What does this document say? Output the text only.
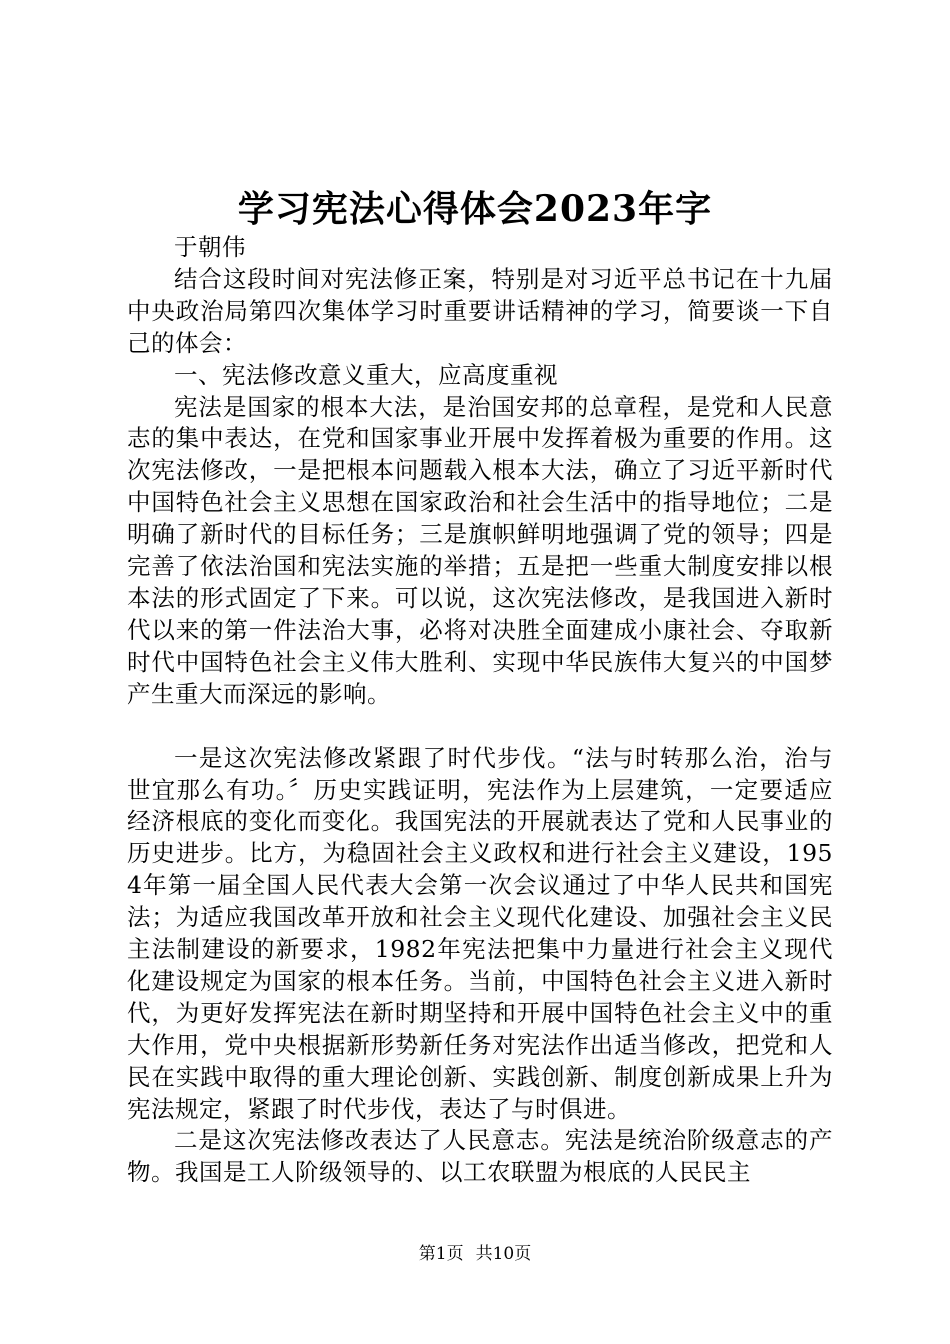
学习宪法心得体会2023年字

于朝伟

结合这段时间对宪法修正案，特别是对习近平总书记在十九届中央政治局第四次集体学习时重要讲话精神的学习，简要谈一下自己的体会：

一、宪法修改意义重大，应高度重视

宪法是国家的根本大法，是治国安邦的总章程，是党和人民意志的集中表达，在党和国家事业开展中发挥着极为重要的作用。这次宪法修改，一是把根本问题载入根本大法，确立了习近平新时代中国特色社会主义思想在国家政治和社会生活中的指导地位；二是明确了新时代的目标任务；三是旗帜鲜明地强调了党的领导；四是完善了依法治国和宪法实施的举措；五是把一些重大制度安排以根本法的形式固定了下来。可以说，这次宪法修改，是我国进入新时代以来的第一件法治大事，必将对决胜全面建成小康社会、夺取新时代中国特色社会主义伟大胜利、实现中华民族伟大复兴的中国梦产生重大而深远的影响。

一是这次宪法修改紧跟了时代步伐。“法与时转那么治，治与世宜那么有功。〞历史实践证明，宪法作为上层建筑，一定要适应经济根底的变化而变化。我国宪法的开展就表达了党和人民事业的历史进步。比方，为稳固社会主义政权和进行社会主义建设，1954年第一届全国人民代表大会第一次会议通过了中华人民共和国宪法；为适应我国改革开放和社会主义现代化建设、加强社会主义民主法制建设的新要求，1982年宪法把集中力量进行社会主义现代化建设规定为国家的根本任务。当前，中国特色社会主义进入新时代，为更好发挥宪法在新时期坚持和开展中国特色社会主义中的重大作用，党中央根据新形势新任务对宪法作出适当修改，把党和人民在实践中取得的重大理论创新、实践创新、制度创新成果上升为宪法规定，紧跟了时代步伐，表达了与时俱进。

二是这次宪法修改表达了人民意志。宪法是统治阶级意志的产物。我国是工人阶级领导的、以工农联盟为根底的人民民主

第1页 共10页
